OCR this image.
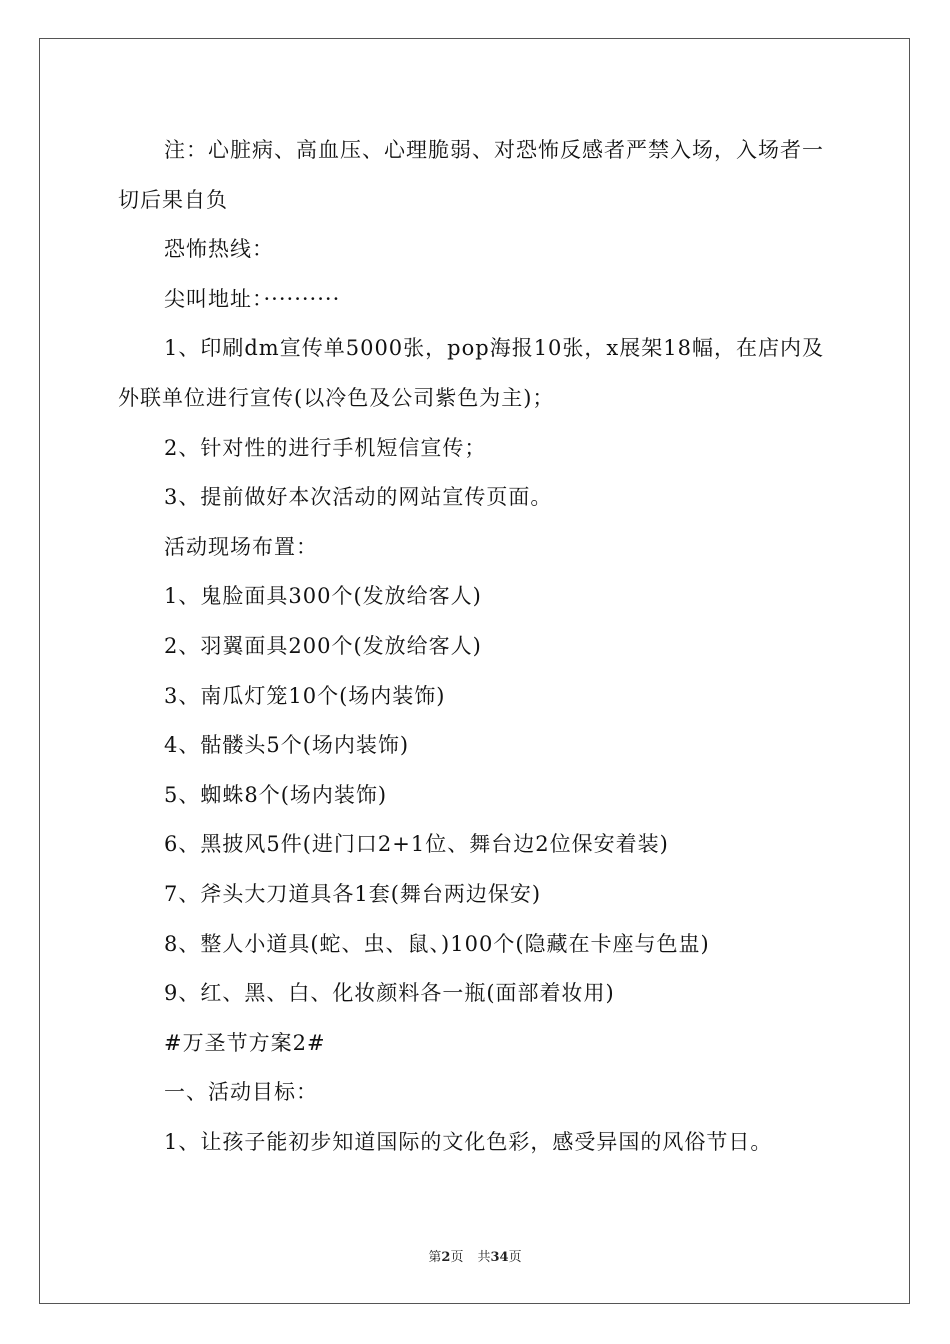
注：心脏病、高血压、心理脆弱、对恐怖反感者严禁入场，入场者一切后果自负

恐怖热线：

尖叫地址：··········

1、印刷dm宣传单5000张，pop海报10张，x展架18幅，在店内及外联单位进行宣传(以冷色及公司紫色为主)；

2、针对性的进行手机短信宣传；

3、提前做好本次活动的网站宣传页面。

活动现场布置：

1、鬼脸面具300个(发放给客人)

2、羽翼面具200个(发放给客人)

3、南瓜灯笼10个(场内装饰)

4、骷髅头5个(场内装饰)

5、蜘蛛8个(场内装饰)

6、黑披风5件(进门口2+1位、舞台边2位保安着装)

7、斧头大刀道具各1套(舞台两边保安)

8、整人小道具(蛇、虫、鼠、)100个(隐藏在卡座与色盅)

9、红、黑、白、化妆颜料各一瓶(面部着妆用)

#万圣节方案2#

一、活动目标：

1、让孩子能初步知道国际的文化色彩，感受异国的风俗节日。

第2页 共34页
